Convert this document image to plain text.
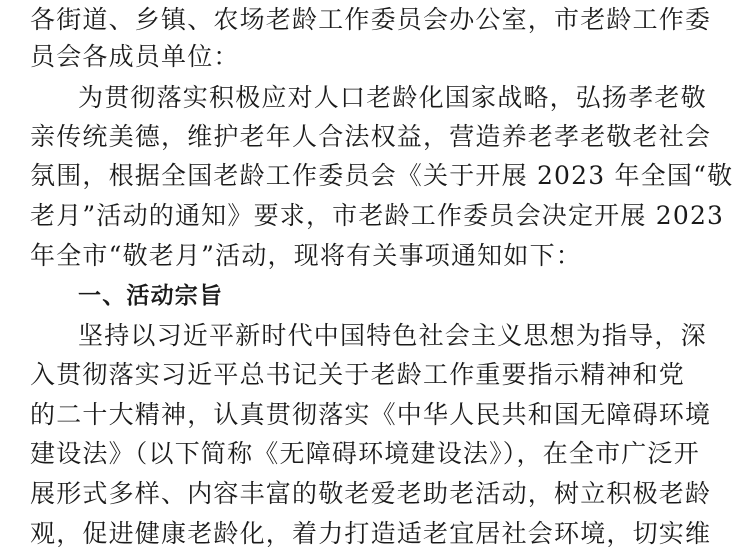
各街道、乡镇、农场老龄工作委员会办公室，市老龄工作委
员会各成员单位：
为贯彻落实积极应对人口老龄化国家战略，弘扬孝老敬
亲传统美德，维护老年人合法权益，营造养老孝老敬老社会
氛围，根据全国老龄工作委员会《关于开展 2023 年全国“敬
老月”活动的通知》要求，市老龄工作委员会决定开展 2023
年全市“敬老月”活动，现将有关事项通知如下：
一、活动宗旨
坚持以习近平新时代中国特色社会主义思想为指导，深
入贯彻落实习近平总书记关于老龄工作重要指示精神和党
的二十大精神，认真贯彻落实《中华人民共和国无障碍环境
建设法》（以下简称《无障碍环境建设法》），在全市广泛开
展形式多样、内容丰富的敬老爱老助老活动，树立积极老龄
观，促进健康老龄化，着力打造适老宜居社会环境，切实维
